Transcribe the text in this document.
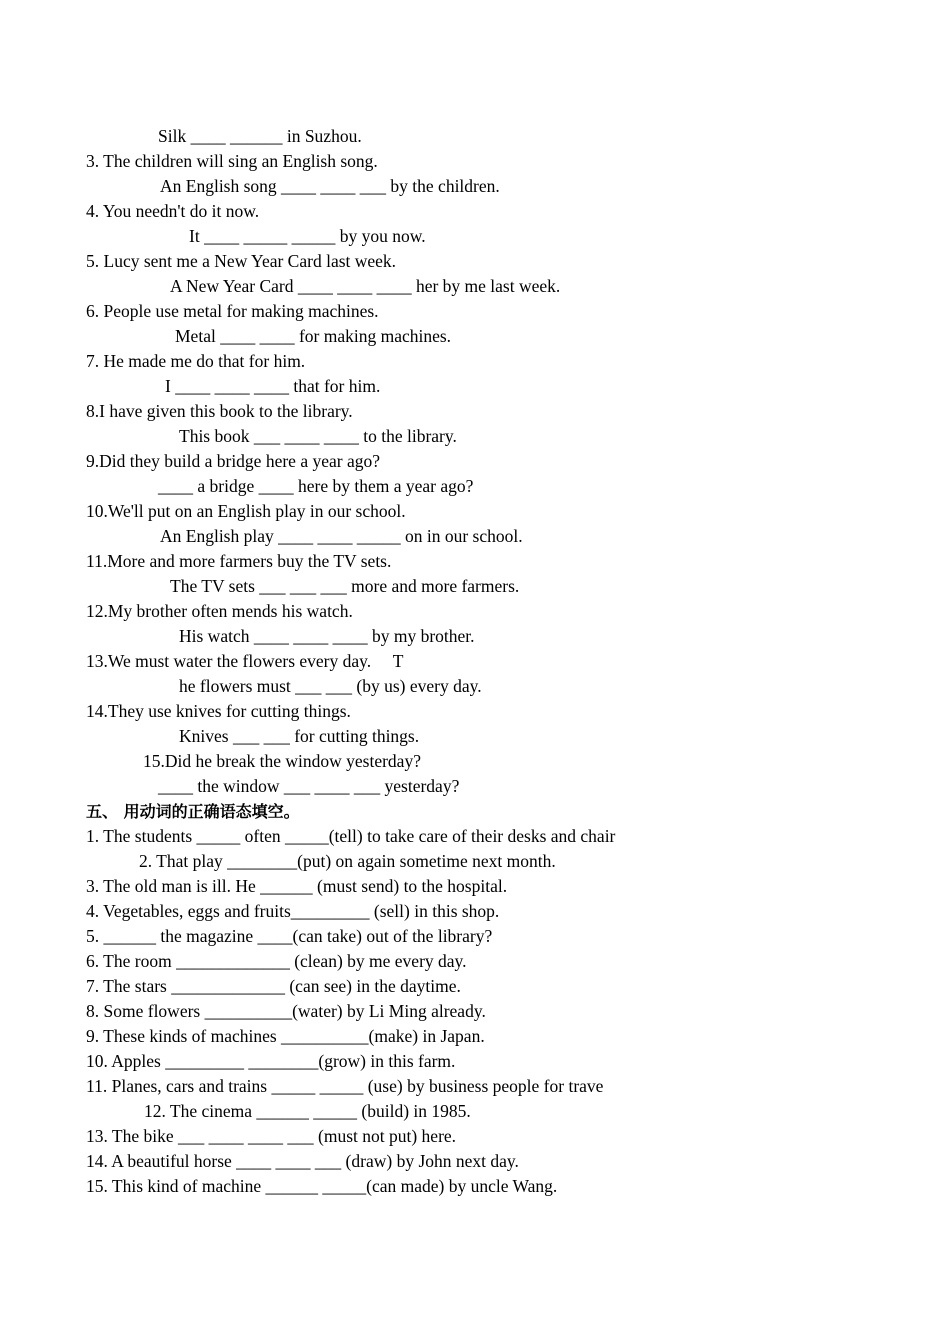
Silk ____ ______ in Suzhou.
3. The children will sing an English song.
An English song ____ ____ ___ by the children.
4. You needn't do it now.
It ____ _____ _____ by you now.
5. Lucy sent me a New Year Card last week.
A New Year Card ____ ____ ____ her by me last week.
6. People use metal for making machines.
Metal ____ ____ for making machines.
7. He made me do that for him.
I ____ ____ ____ that for him.
8.I have given this book to the library.
This book ___ ____ ____ to the library.
9.Did they build a bridge here a year ago?
____ a bridge ____ here by them a year ago?
10.We'll put on an English play in our school.
An English play ____ ____ _____ on in our school.
11.More and more farmers buy the TV sets.
The TV sets ___ ___ ___ more and more farmers.
12.My brother often mends his watch.
His watch ____ ____ ____ by my brother.
13.We must water the flowers every day.     T
he flowers must ___ ___ (by us) every day.
14.They use knives for cutting things.
Knives ___ ___ for cutting things.
15.Did he break the window yesterday?
____ the window ___ ____ ___ yesterday?
五、 用动词的正确语态填空。
1. The students _____ often _____(tell) to take care of their desks and chair
2. That play ________(put) on again sometime next month.
3. The old man is ill. He ______ (must send) to the hospital.
4. Vegetables, eggs and fruits_________ (sell) in this shop.
5. ______ the magazine ____(can take) out of the library?
6. The room _____________ (clean) by me every day.
7. The stars _____________ (can see) in the daytime.
8. Some flowers __________(water) by Li Ming already.
9. These kinds of machines __________(make) in Japan.
10. Apples _________ ________(grow) in this farm.
11. Planes, cars and trains _____ _____ (use) by business people for trave
12. The cinema ______ _____ (build) in 1985.
13. The bike ___ ____ ____ ___ (must not put) here.
14. A beautiful horse ____ ____ ___ (draw) by John next day.
15. This kind of machine ______ _____(can made) by uncle Wang.
